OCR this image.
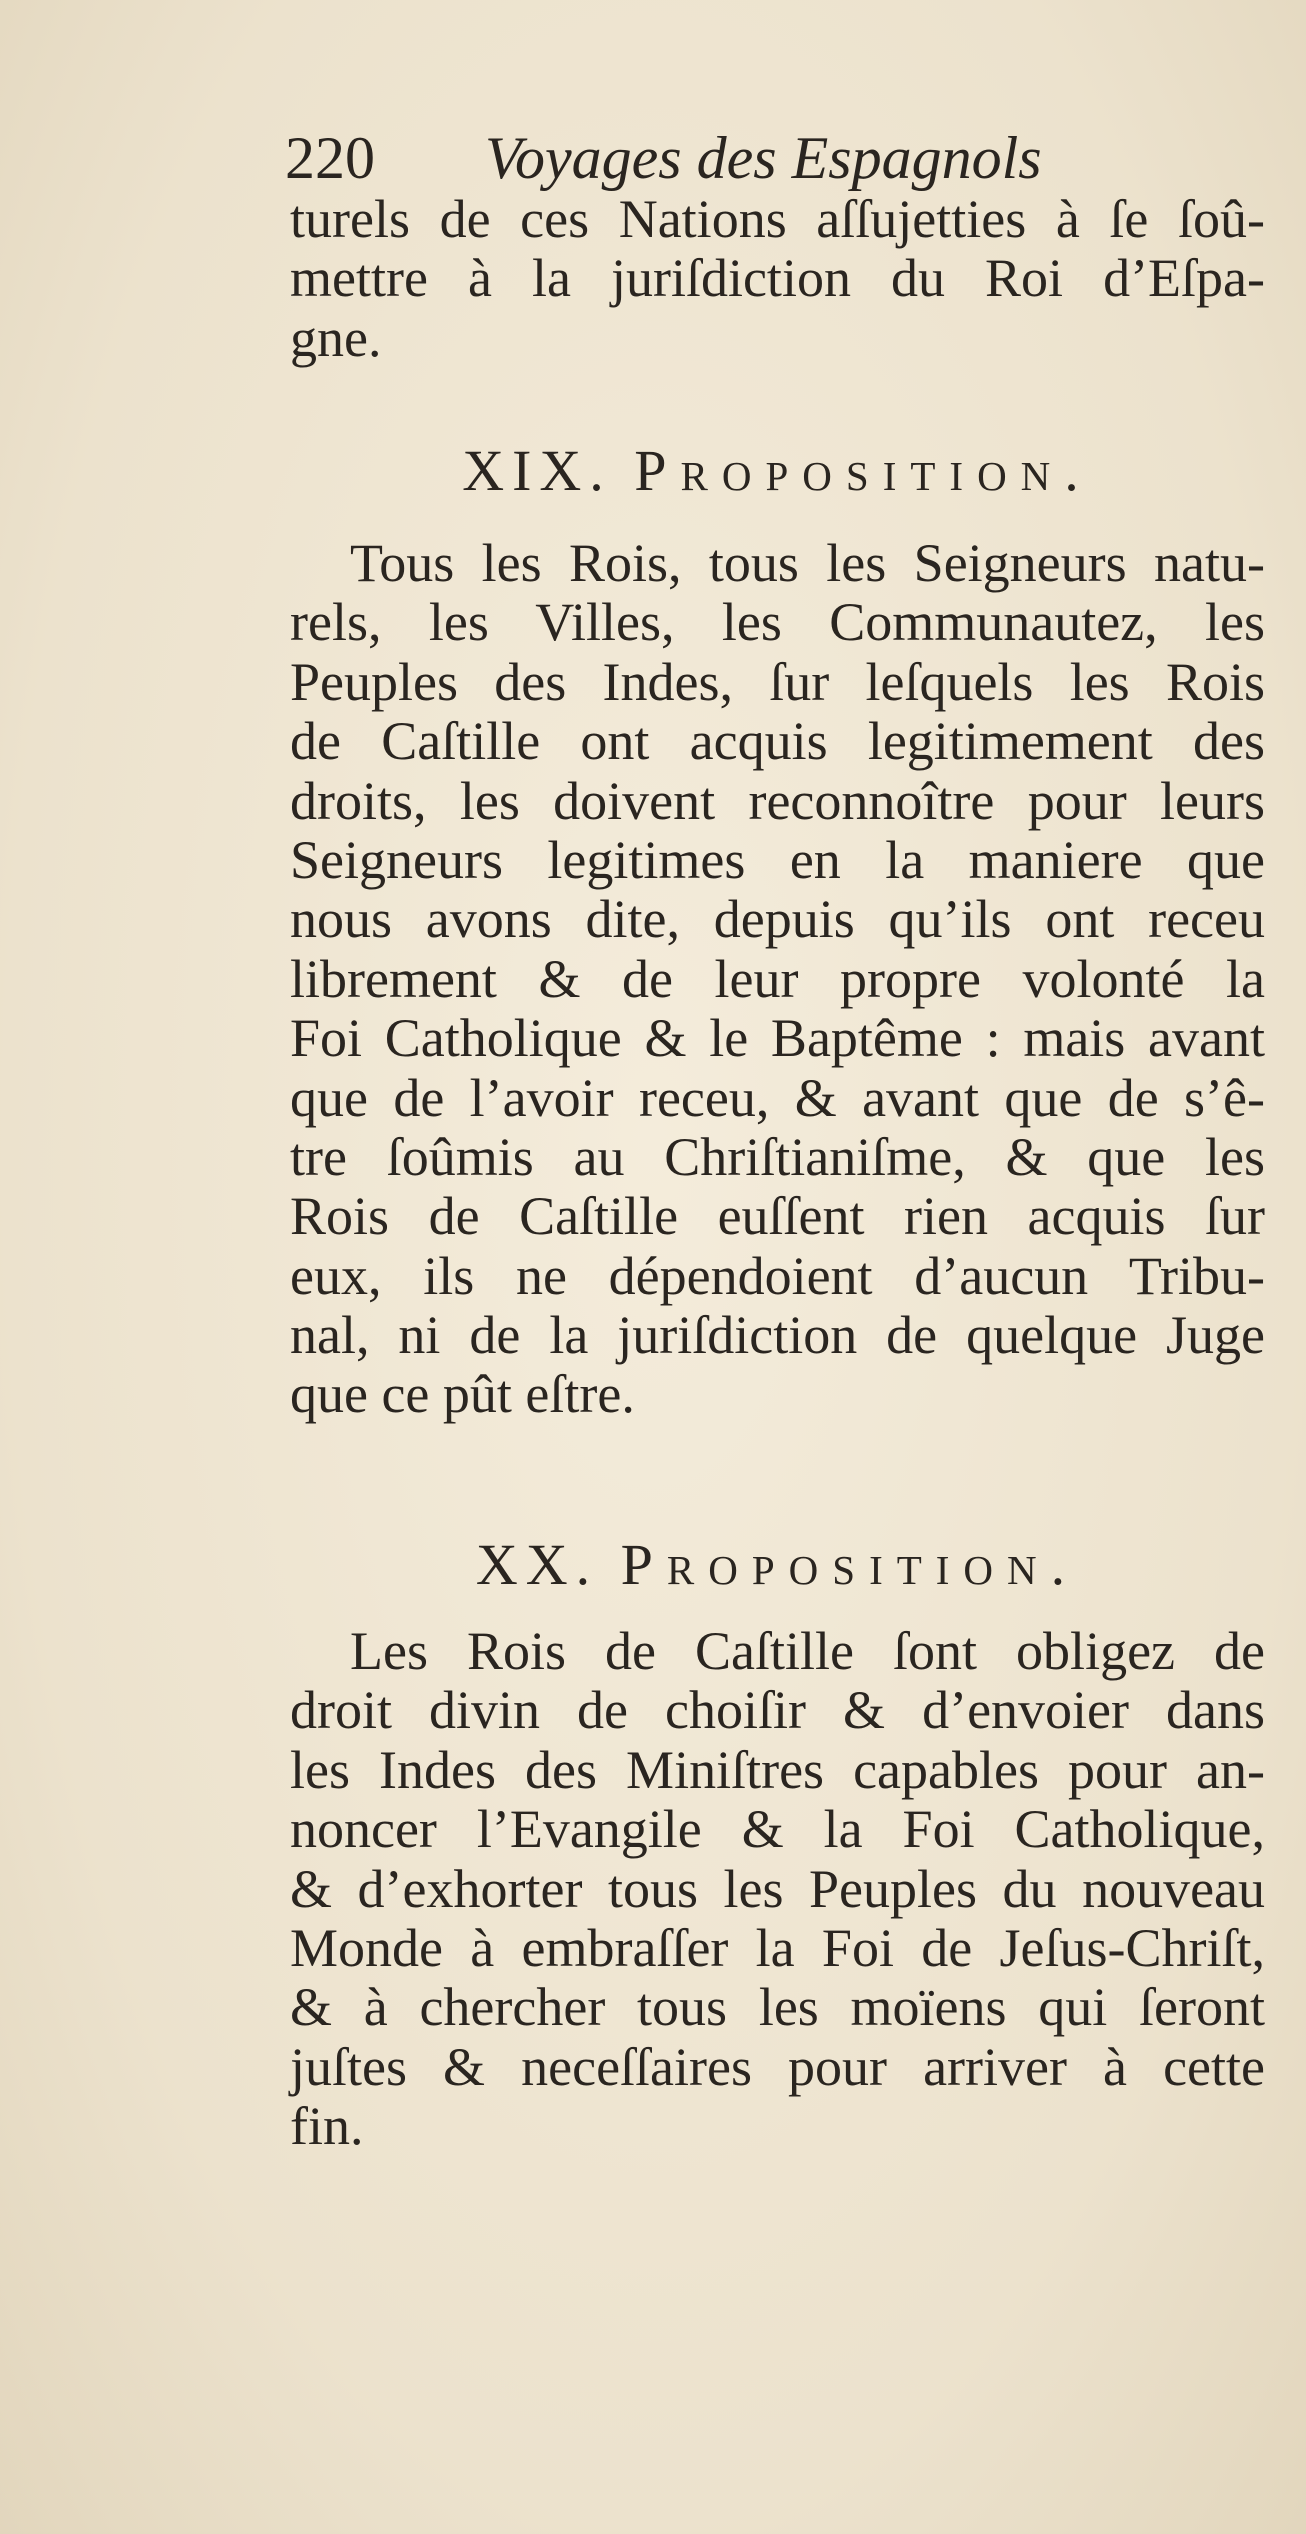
220 Voyages des Espagnols
turels de ces Nations aſſujetties à ſe ſoû-
mettre à la juriſdiction du Roi d’Eſpa-
gne.
XIX. Proposition.
Tous les Rois, tous les Seigneurs natu-
rels, les Villes, les Communautez, les
Peuples des Indes, ſur leſquels les Rois
de Caſtille ont acquis legitimement des
droits, les doivent reconnoître pour leurs
Seigneurs legitimes en la maniere que
nous avons dite, depuis qu’ils ont receu
librement & de leur propre volonté la
Foi Catholique & le Baptême : mais avant
que de l’avoir receu, & avant que de s’ê-
tre ſoûmis au Chriſtianiſme, & que les
Rois de Caſtille euſſent rien acquis ſur
eux, ils ne dépendoient d’aucun Tribu-
nal, ni de la juriſdiction de quelque Juge
que ce pût eſtre.
XX. Proposition.
Les Rois de Caſtille ſont obligez de
droit divin de choiſir & d’envoier dans
les Indes des Miniſtres capables pour an-
noncer l’Evangile & la Foi Catholique,
& d’exhorter tous les Peuples du nouveau
Monde à embraſſer la Foi de Jeſus-Chriſt,
& à chercher tous les moïens qui ſeront
juſtes & neceſſaires pour arriver à cette
fin.
